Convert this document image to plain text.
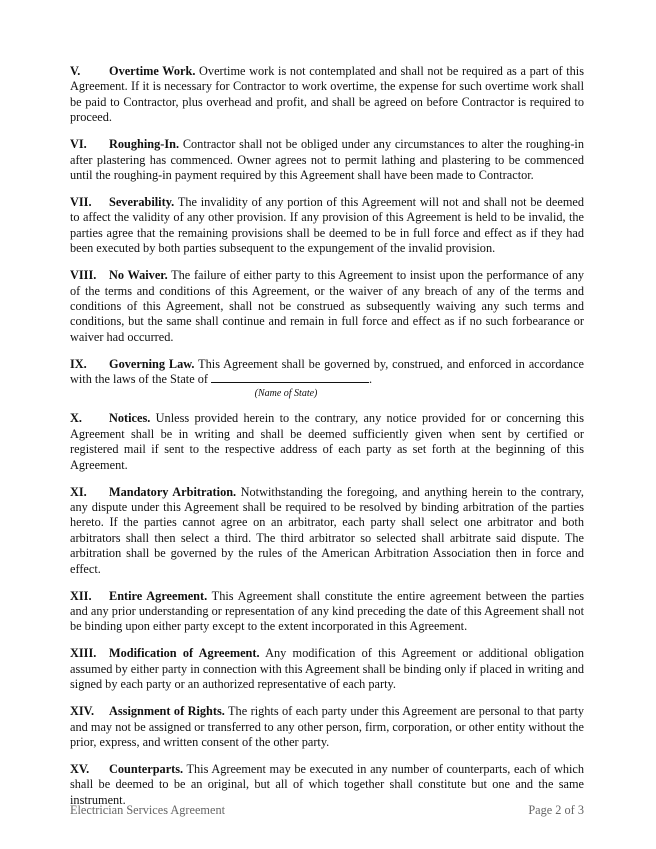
V. Overtime Work. Overtime work is not contemplated and shall not be required as a part of this Agreement. If it is necessary for Contractor to work overtime, the expense for such overtime work shall be paid to Contractor, plus overhead and profit, and shall be agreed on before Contractor is required to proceed.

VI. Roughing-In. Contractor shall not be obliged under any circumstances to alter the roughing-in after plastering has commenced. Owner agrees not to permit lathing and plastering to be commenced until the roughing-in payment required by this Agreement shall have been made to Contractor.

VII. Severability. The invalidity of any portion of this Agreement will not and shall not be deemed to affect the validity of any other provision. If any provision of this Agreement is held to be invalid, the parties agree that the remaining provisions shall be deemed to be in full force and effect as if they had been executed by both parties subsequent to the expungement of the invalid provision.

VIII. No Waiver. The failure of either party to this Agreement to insist upon the performance of any of the terms and conditions of this Agreement, or the waiver of any breach of any of the terms and conditions of this Agreement, shall not be construed as subsequently waiving any such terms and conditions, but the same shall continue and remain in full force and effect as if no such forbearance or waiver had occurred.

IX. Governing Law. This Agreement shall be governed by, construed, and enforced in accordance with the laws of the State of	.
(Name of State)

X. Notices. Unless provided herein to the contrary, any notice provided for or concerning this Agreement shall be in writing and shall be deemed sufficiently given when sent by certified or registered mail if sent to the respective address of each party as set forth at the beginning of this Agreement.

XI. Mandatory Arbitration. Notwithstanding the foregoing, and anything herein to the contrary, any dispute under this Agreement shall be required to be resolved by binding arbitration of the parties hereto. If the parties cannot agree on an arbitrator, each party shall select one arbitrator and both arbitrators shall then select a third. The third arbitrator so selected shall arbitrate said dispute. The arbitration shall be governed by the rules of the American Arbitration Association then in force and effect.

XII. Entire Agreement. This Agreement shall constitute the entire agreement between the parties and any prior understanding or representation of any kind preceding the date of this Agreement shall not be binding upon either party except to the extent incorporated in this Agreement.

XIII. Modification of Agreement. Any modification of this Agreement or additional obligation assumed by either party in connection with this Agreement shall be binding only if placed in writing and signed by each party or an authorized representative of each party.

XIV. Assignment of Rights. The rights of each party under this Agreement are personal to that party and may not be assigned or transferred to any other person, firm, corporation, or other entity without the prior, express, and written consent of the other party.

XV. Counterparts. This Agreement may be executed in any number of counterparts, each of which shall be deemed to be an original, but all of which together shall constitute but one and the same instrument.

Electrician Services Agreement	Page 2 of 3
